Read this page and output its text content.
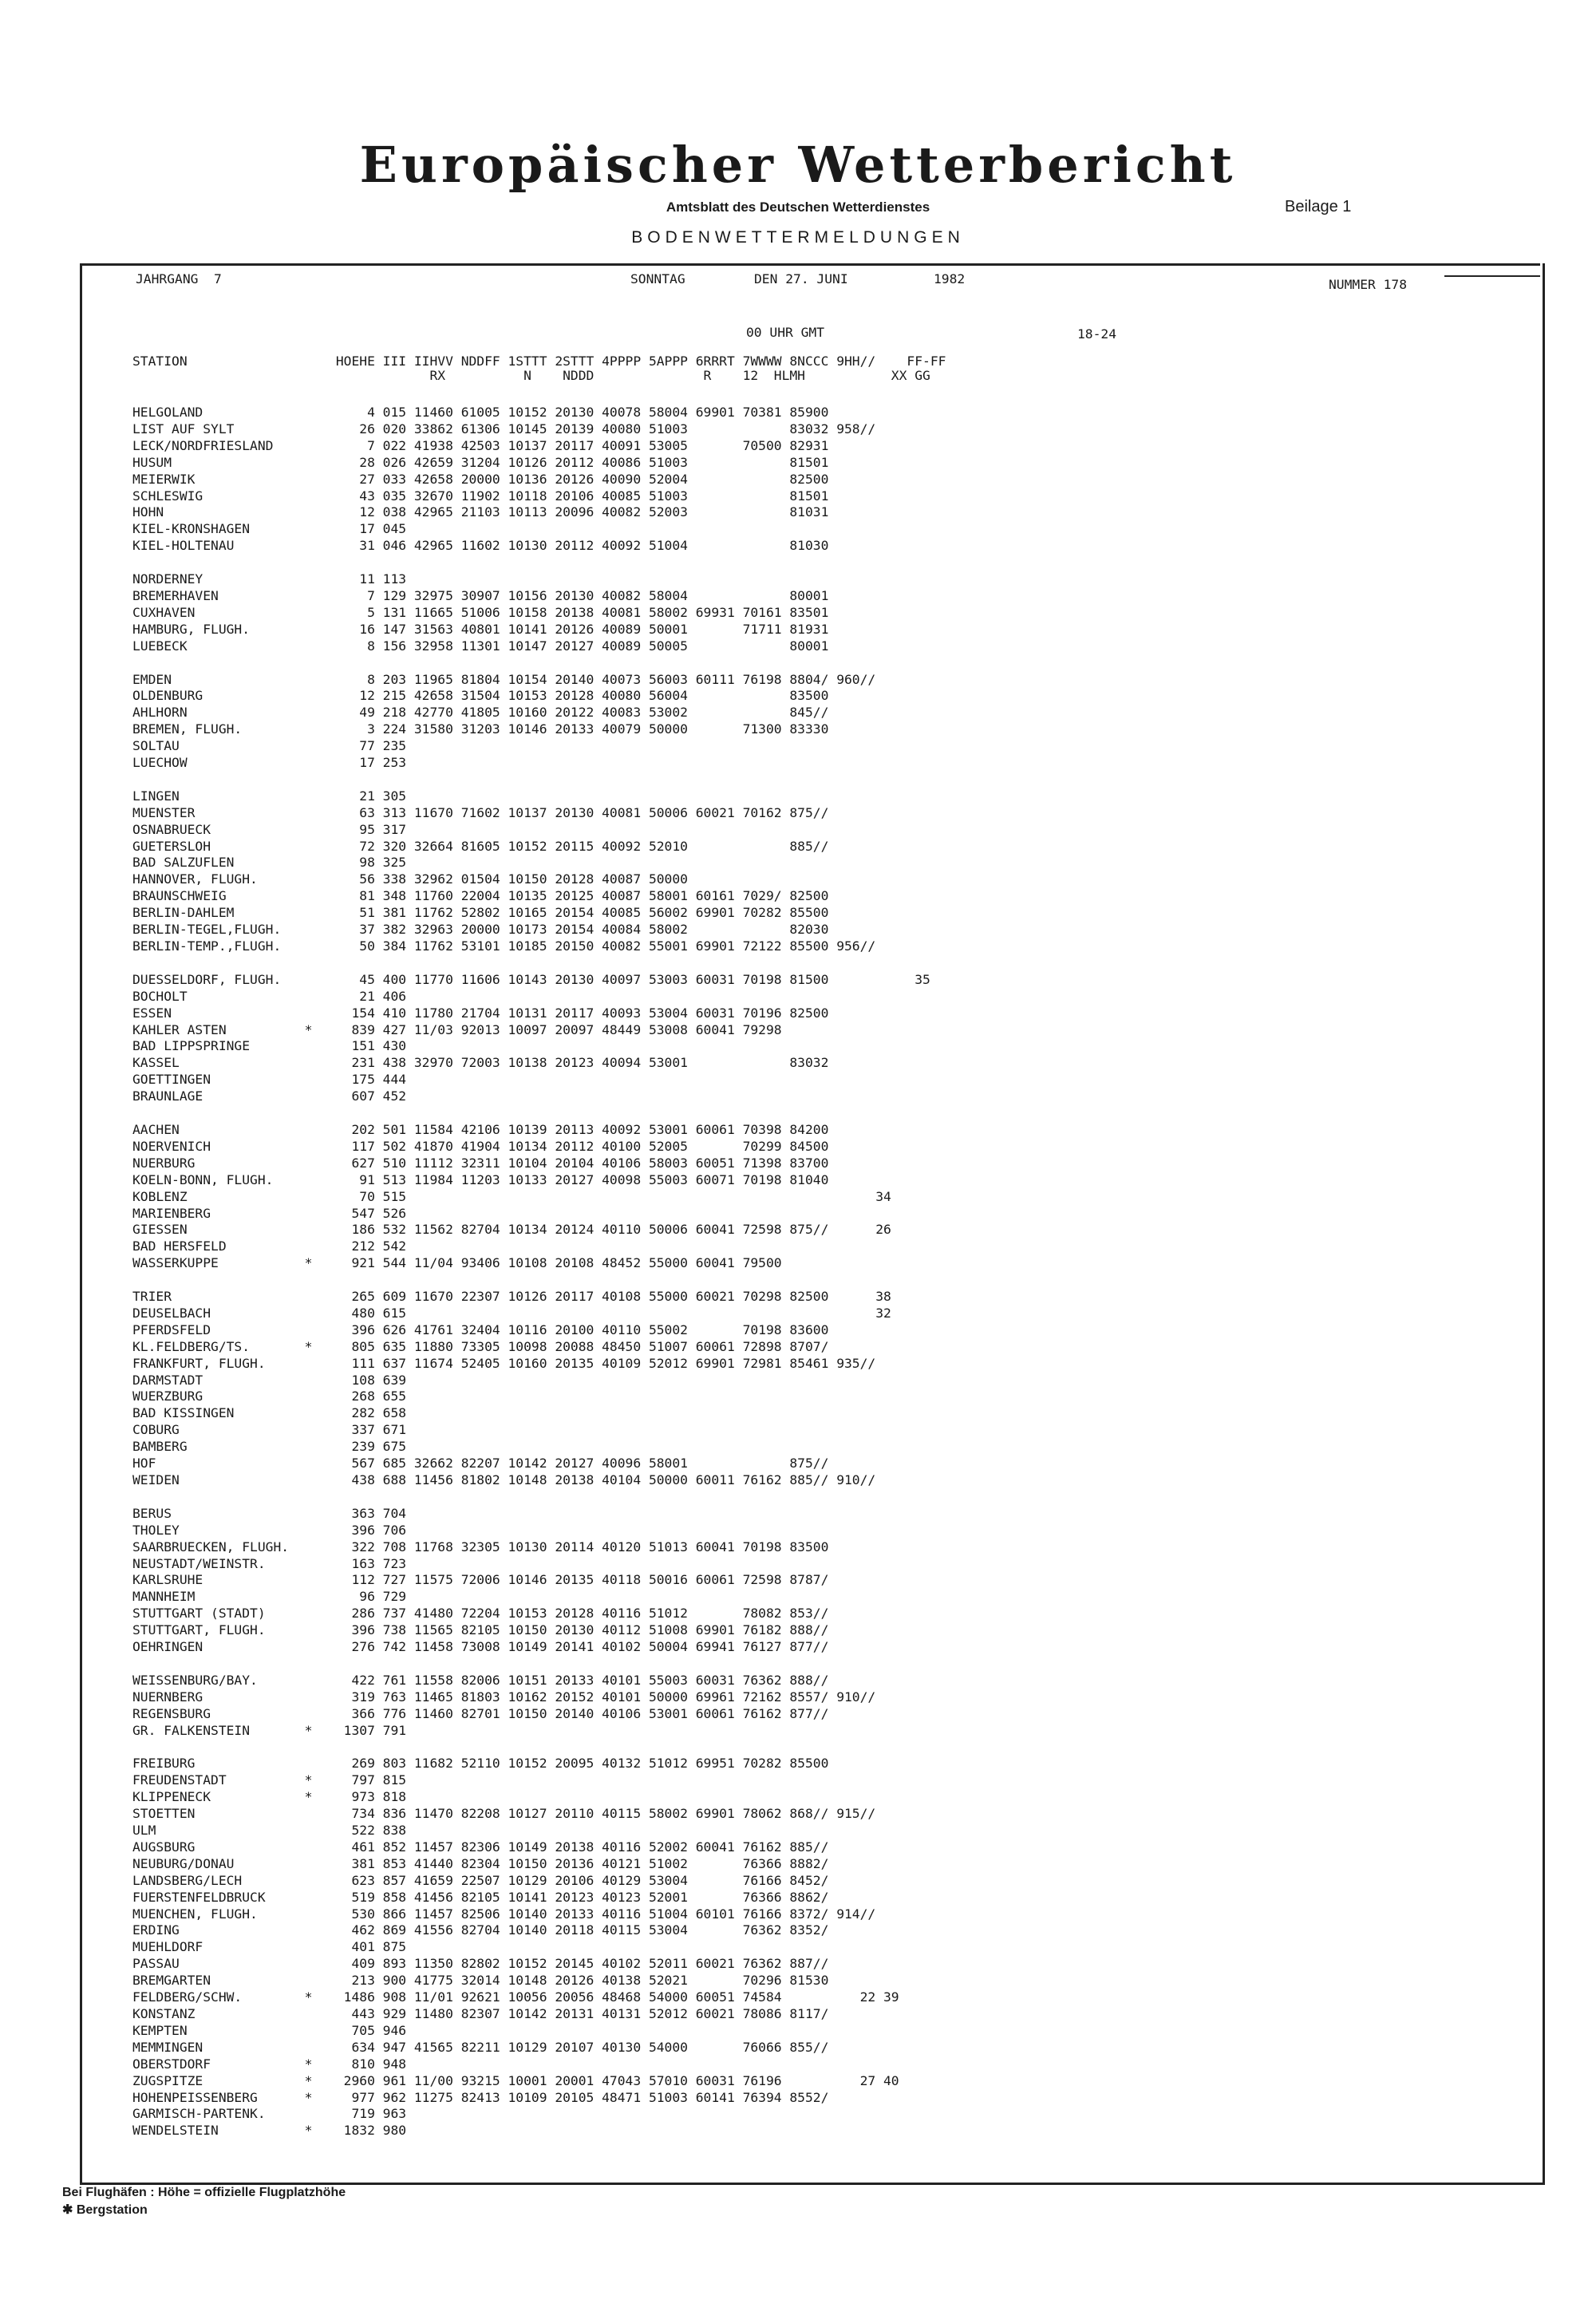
Europäischer Wetterbericht
Amtsblatt des Deutschen Wetterdienstes	Beilage 1
BODENWETTERMELDUNGEN
JAHRGANG  7	SONNTAG	DEN 27. JUNI	1982	NUMMER 178
00 UHR GMT	18-24
STATION                   HOEHE III IIHVV NDDFF 1STTT 2STTT 4PPPP 5APPP 6RRRT 7WWWW 8NCCC 9HH//    FF-FF
RX          N    NDDD              R    12  HLMH           XX GG
HELGOLAND                     4 015 11460 61005 10152 20130 40078 58004 69901 70381 85900
LIST AUF SYLT                26 020 33862 61306 10145 20139 40080 51003             83032 958//
LECK/NORDFRIESLAND            7 022 41938 42503 10137 20117 40091 53005       70500 82931
HUSUM                        28 026 42659 31204 10126 20112 40086 51003             81501
MEIERWIK                     27 033 42658 20000 10136 20126 40090 52004             82500
SCHLESWIG                    43 035 32670 11902 10118 20106 40085 51003             81501
HOHN                         12 038 42965 21103 10113 20096 40082 52003             81031
KIEL-KRONSHAGEN              17 045
KIEL-HOLTENAU                31 046 42965 11602 10130 20112 40092 51004             81030

NORDERNEY                    11 113
BREMERHAVEN                   7 129 32975 30907 10156 20130 40082 58004             80001
CUXHAVEN                      5 131 11665 51006 10158 20138 40081 58002 69931 70161 83501
HAMBURG, FLUGH.              16 147 31563 40801 10141 20126 40089 50001       71711 81931
LUEBECK                       8 156 32958 11301 10147 20127 40089 50005             80001

EMDEN                         8 203 11965 81804 10154 20140 40073 56003 60111 76198 8804/ 960//
OLDENBURG                    12 215 42658 31504 10153 20128 40080 56004             83500
AHLHORN                      49 218 42770 41805 10160 20122 40083 53002             845//
BREMEN, FLUGH.                3 224 31580 31203 10146 20133 40079 50000       71300 83330
SOLTAU                       77 235
LUECHOW                      17 253

LINGEN                       21 305
MUENSTER                     63 313 11670 71602 10137 20130 40081 50006 60021 70162 875//
OSNABRUECK                   95 317
GUETERSLOH                   72 320 32664 81605 10152 20115 40092 52010             885//
BAD SALZUFLEN                98 325
HANNOVER, FLUGH.             56 338 32962 01504 10150 20128 40087 50000
BRAUNSCHWEIG                 81 348 11760 22004 10135 20125 40087 58001 60161 7029/ 82500
BERLIN-DAHLEM                51 381 11762 52802 10165 20154 40085 56002 69901 70282 85500
BERLIN-TEGEL,FLUGH.          37 382 32963 20000 10173 20154 40084 58002             82030
BERLIN-TEMP.,FLUGH.          50 384 11762 53101 10185 20150 40082 55001 69901 72122 85500 956//

DUESSELDORF, FLUGH.          45 400 11770 11606 10143 20130 40097 53003 60031 70198 81500           35
BOCHOLT                      21 406
ESSEN                       154 410 11780 21704 10131 20117 40093 53004 60031 70196 82500
KAHLER ASTEN          *     839 427 11/03 92013 10097 20097 48449 53008 60041 79298
BAD LIPPSPRINGE             151 430
KASSEL                      231 438 32970 72003 10138 20123 40094 53001             83032
GOETTINGEN                  175 444
BRAUNLAGE                   607 452

AACHEN                      202 501 11584 42106 10139 20113 40092 53001 60061 70398 84200
NOERVENICH                  117 502 41870 41904 10134 20112 40100 52005       70299 84500
NUERBURG                    627 510 11112 32311 10104 20104 40106 58003 60051 71398 83700
KOELN-BONN, FLUGH.           91 513 11984 11203 10133 20127 40098 55003 60071 70198 81040
KOBLENZ                      70 515                                                            34
MARIENBERG                  547 526
GIESSEN                     186 532 11562 82704 10134 20124 40110 50006 60041 72598 875//      26
BAD HERSFELD                212 542
WASSERKUPPE           *     921 544 11/04 93406 10108 20108 48452 55000 60041 79500

TRIER                       265 609 11670 22307 10126 20117 40108 55000 60021 70298 82500      38
DEUSELBACH                  480 615                                                            32
PFERDSFELD                  396 626 41761 32404 10116 20100 40110 55002       70198 83600
KL.FELDBERG/TS.       *     805 635 11880 73305 10098 20088 48450 51007 60061 72898 8707/
FRANKFURT, FLUGH.           111 637 11674 52405 10160 20135 40109 52012 69901 72981 85461 935//
DARMSTADT                   108 639
WUERZBURG                   268 655
BAD KISSINGEN               282 658
COBURG                      337 671
BAMBERG                     239 675
HOF                         567 685 32662 82207 10142 20127 40096 58001             875//
WEIDEN                      438 688 11456 81802 10148 20138 40104 50000 60011 76162 885// 910//

BERUS                       363 704
THOLEY                      396 706
SAARBRUECKEN, FLUGH.        322 708 11768 32305 10130 20114 40120 51013 60041 70198 83500
NEUSTADT/WEINSTR.           163 723
KARLSRUHE                   112 727 11575 72006 10146 20135 40118 50016 60061 72598 8787/
MANNHEIM                     96 729
STUTTGART (STADT)           286 737 41480 72204 10153 20128 40116 51012       78082 853//
STUTTGART, FLUGH.           396 738 11565 82105 10150 20130 40112 51008 69901 76182 888//
OEHRINGEN                   276 742 11458 73008 10149 20141 40102 50004 69941 76127 877//

WEISSENBURG/BAY.            422 761 11558 82006 10151 20133 40101 55003 60031 76362 888//
NUERNBERG                   319 763 11465 81803 10162 20152 40101 50000 69961 72162 8557/ 910//
REGENSBURG                  366 776 11460 82701 10150 20140 40106 53001 60061 76162 877//
GR. FALKENSTEIN       *    1307 791

FREIBURG                    269 803 11682 52110 10152 20095 40132 51012 69951 70282 85500
FREUDENSTADT          *     797 815
KLIPPENECK            *     973 818
STOETTEN                    734 836 11470 82208 10127 20110 40115 58002 69901 78062 868// 915//
ULM                         522 838
AUGSBURG                    461 852 11457 82306 10149 20138 40116 52002 60041 76162 885//
NEUBURG/DONAU               381 853 41440 82304 10150 20136 40121 51002       76366 8882/
LANDSBERG/LECH              623 857 41659 22507 10129 20106 40129 53004       76166 8452/
FUERSTENFELDBRUCK           519 858 41456 82105 10141 20123 40123 52001       76366 8862/
MUENCHEN, FLUGH.            530 866 11457 82506 10140 20133 40116 51004 60101 76166 8372/ 914//
ERDING                      462 869 41556 82704 10140 20118 40115 53004       76362 8352/
MUEHLDORF                   401 875
PASSAU                      409 893 11350 82802 10152 20145 40102 52011 60021 76362 887//
BREMGARTEN                  213 900 41775 32014 10148 20126 40138 52021       70296 81530
FELDBERG/SCHW.        *    1486 908 11/01 92621 10056 20056 48468 54000 60051 74584          22 39
KONSTANZ                    443 929 11480 82307 10142 20131 40131 52012 60021 78086 8117/
KEMPTEN                     705 946
MEMMINGEN                   634 947 41565 82211 10129 20107 40130 54000       76066 855//
OBERSTDORF            *     810 948
ZUGSPITZE             *    2960 961 11/00 93215 10001 20001 47043 57010 60031 76196          27 40
HOHENPEISSENBERG      *     977 962 11275 82413 10109 20105 48471 51003 60141 76394 8552/
GARMISCH-PARTENK.           719 963
WENDELSTEIN           *    1832 980
Bei Flughäfen : Höhe = offizielle Flugplatzhöhe
✱ Bergstation
